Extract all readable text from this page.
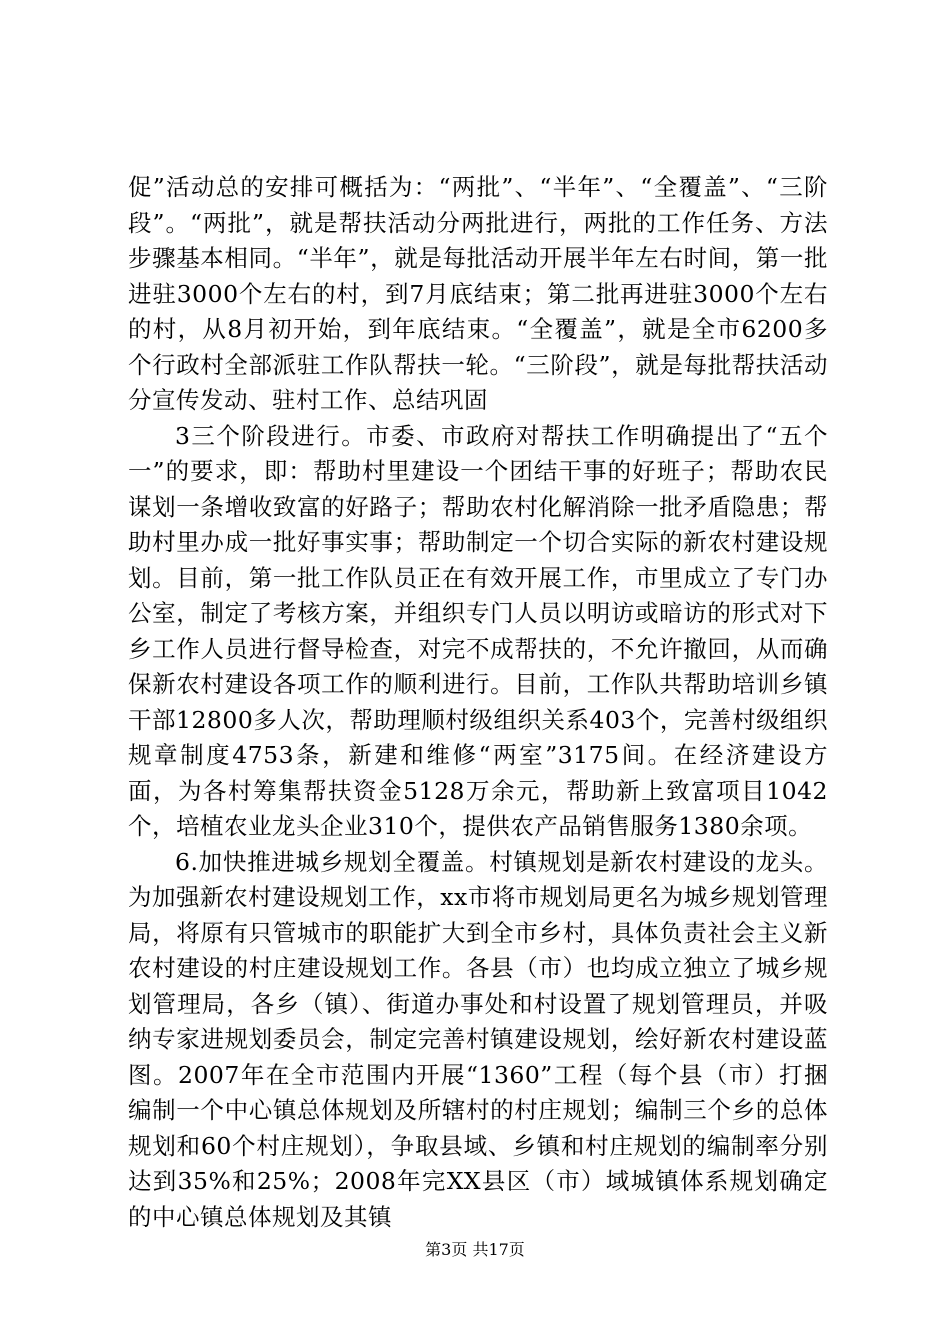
促”活动总的安排可概括为：“两批”、“半年”、“全覆盖”、“三阶段”。“两批”，就是帮扶活动分两批进行，两批的工作任务、方法步骤基本相同。“半年”，就是每批活动开展半年左右时间，第一批进驻3000个左右的村，到7月底结束；第二批再进驻3000个左右的村，从8月初开始，到年底结束。“全覆盖”，就是全市6200多个行政村全部派驻工作队帮扶一轮。“三阶段”，就是每批帮扶活动分宣传发动、驻村工作、总结巩固

3三个阶段进行。市委、市政府对帮扶工作明确提出了“五个一”的要求，即：帮助村里建设一个团结干事的好班子；帮助农民谋划一条增收致富的好路子；帮助农村化解消除一批矛盾隐患；帮助村里办成一批好事实事；帮助制定一个切合实际的新农村建设规划。目前，第一批工作队员正在有效开展工作，市里成立了专门办公室，制定了考核方案，并组织专门人员以明访或暗访的形式对下乡工作人员进行督导检查，对完不成帮扶的，不允许撤回，从而确保新农村建设各项工作的顺利进行。目前，工作队共帮助培训乡镇干部12800多人次，帮助理顺村级组织关系403个，完善村级组织规章制度4753条，新建和维修“两室”3175间。在经济建设方面，为各村筹集帮扶资金5128万余元，帮助新上致富项目1042个，培植农业龙头企业310个，提供农产品销售服务1380余项。

6.加快推进城乡规划全覆盖。村镇规划是新农村建设的龙头。为加强新农村建设规划工作，xx市将市规划局更名为城乡规划管理局，将原有只管城市的职能扩大到全市乡村，具体负责社会主义新农村建设的村庄建设规划工作。各县（市）也均成立独立了城乡规划管理局，各乡（镇）、街道办事处和村设置了规划管理员，并吸纳专家进规划委员会，制定完善村镇建设规划，绘好新农村建设蓝图。2007年在全市范围内开展“1360”工程（每个县（市）打捆编制一个中心镇总体规划及所辖村的村庄规划；编制三个乡的总体规划和60个村庄规划），争取县域、乡镇和村庄规划的编制率分别达到35%和25%；2008年完XX县区（市）域城镇体系规划确定的中心镇总体规划及其镇

第3页 共17页
